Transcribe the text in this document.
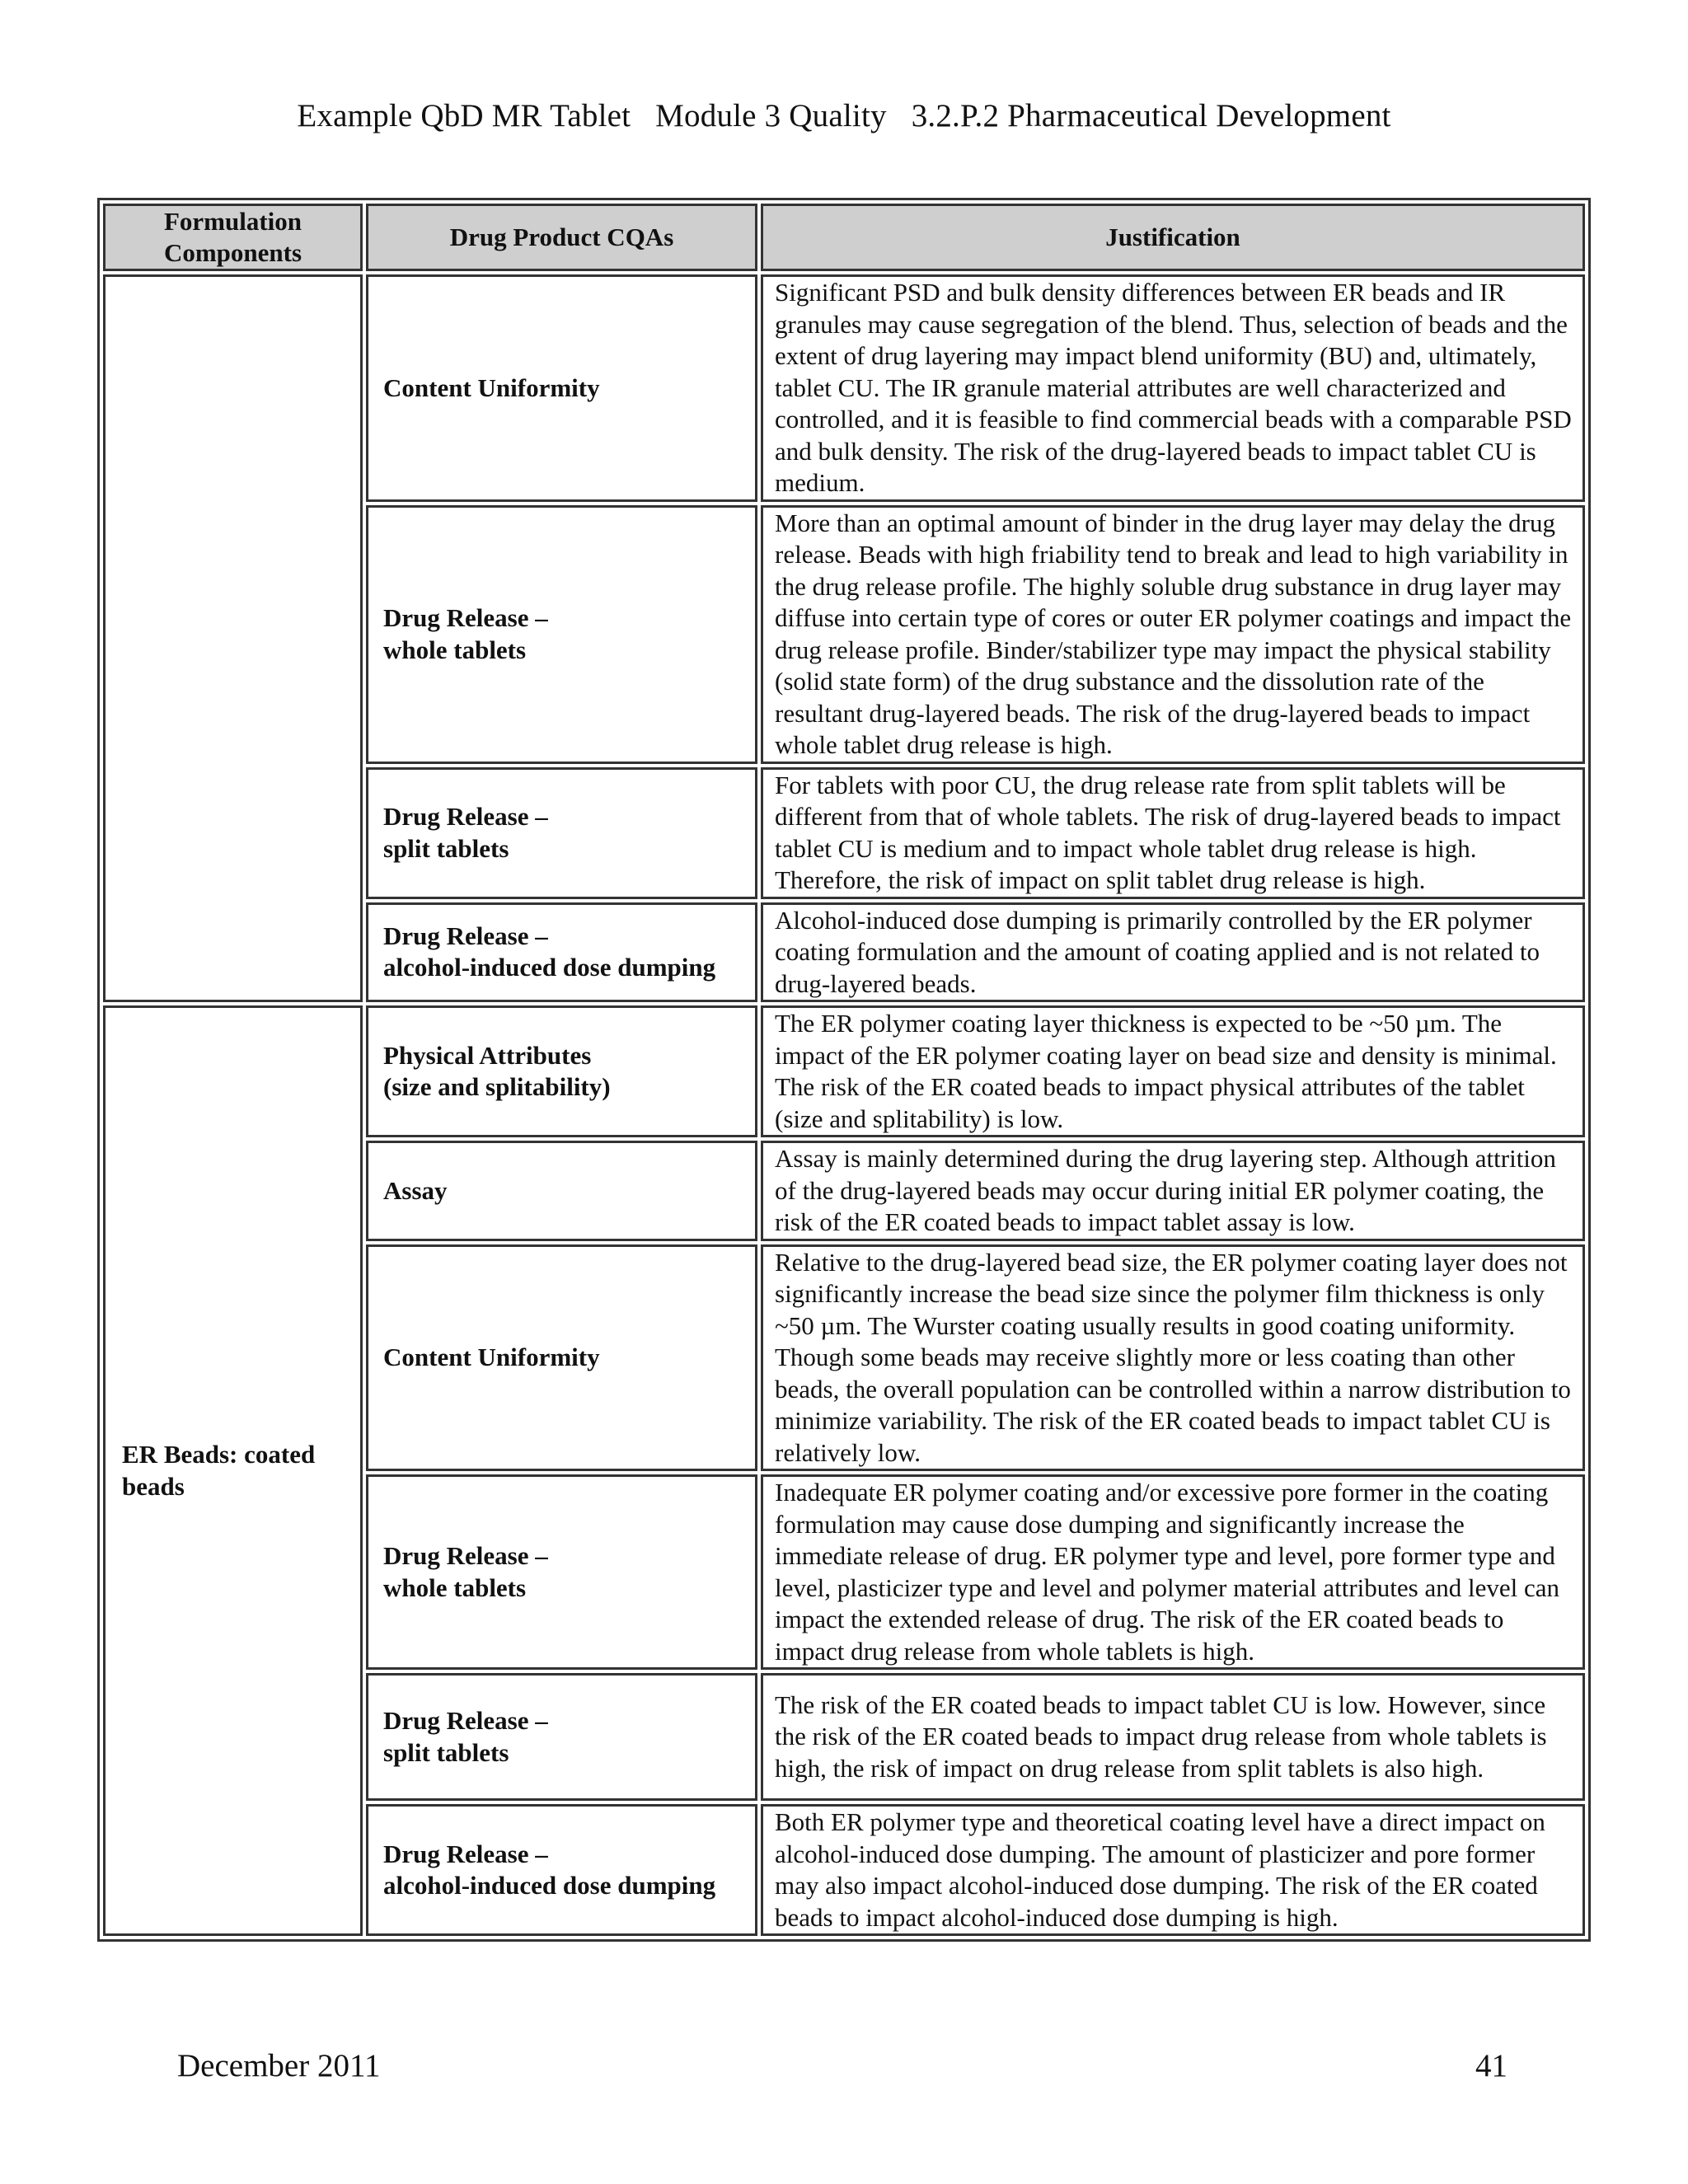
Example QbD MR Tablet Module 3 Quality 3.2.P.2 Pharmaceutical Development
Formulation
Components	Drug Product CQAs	Justification

	Content Uniformity	Significant PSD and bulk density differences between ER beads and IR granules may cause segregation of the blend. Thus, selection of beads and the extent of drug layering may impact blend uniformity (BU) and, ultimately, tablet CU. The IR granule material attributes are well characterized and controlled, and it is feasible to find commercial beads with a comparable PSD and bulk density. The risk of the drug-layered beads to impact tablet CU is medium.

	Drug Release –
whole tablets	More than an optimal amount of binder in the drug layer may delay the drug release. Beads with high friability tend to break and lead to high variability in the drug release profile. The highly soluble drug substance in drug layer may diffuse into certain type of cores or outer ER polymer coatings and impact the drug release profile. Binder/stabilizer type may impact the physical stability (solid state form) of the drug substance and the dissolution rate of the resultant drug-layered beads. The risk of the drug-layered beads to impact whole tablet drug release is high.

	Drug Release –
split tablets	For tablets with poor CU, the drug release rate from split tablets will be different from that of whole tablets. The risk of drug-layered beads to impact tablet CU is medium and to impact whole tablet drug release is high. Therefore, the risk of impact on split tablet drug release is high.

	Drug Release –
alcohol-induced dose dumping	Alcohol-induced dose dumping is primarily controlled by the ER polymer coating formulation and the amount of coating applied and is not related to drug-layered beads.

ER Beads: coated
beads	Physical Attributes
(size and splitability)	The ER polymer coating layer thickness is expected to be ~50 µm. The impact of the ER polymer coating layer on bead size and density is minimal. The risk of the ER coated beads to impact physical attributes of the tablet (size and splitability) is low.

	Assay	Assay is mainly determined during the drug layering step. Although attrition of the drug-layered beads may occur during initial ER polymer coating, the risk of the ER coated beads to impact tablet assay is low.

	Content Uniformity	Relative to the drug-layered bead size, the ER polymer coating layer does not significantly increase the bead size since the polymer film thickness is only ~50 µm. The Wurster coating usually results in good coating uniformity. Though some beads may receive slightly more or less coating than other beads, the overall population can be controlled within a narrow distribution to minimize variability. The risk of the ER coated beads to impact tablet CU is relatively low.

	Drug Release –
whole tablets	Inadequate ER polymer coating and/or excessive pore former in the coating formulation may cause dose dumping and significantly increase the immediate release of drug. ER polymer type and level, pore former type and level, plasticizer type and level and polymer material attributes and level can impact the extended release of drug. The risk of the ER coated beads to impact drug release from whole tablets is high.

	Drug Release –
split tablets	The risk of the ER coated beads to impact tablet CU is low. However, since the risk of the ER coated beads to impact drug release from whole tablets is high, the risk of impact on drug release from split tablets is also high.

	Drug Release –
alcohol-induced dose dumping	Both ER polymer type and theoretical coating level have a direct impact on alcohol-induced dose dumping. The amount of plasticizer and pore former may also impact alcohol-induced dose dumping. The risk of the ER coated beads to impact alcohol-induced dose dumping is high.
December 2011	41
